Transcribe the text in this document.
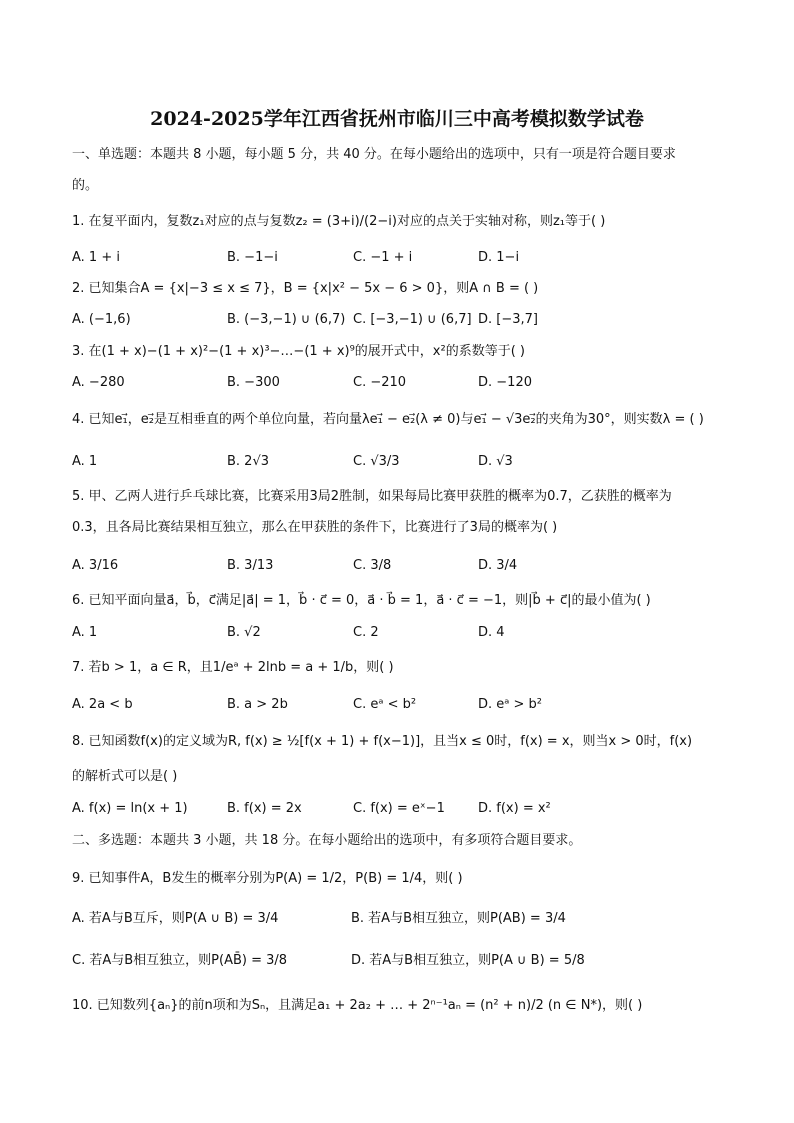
2024-2025学年江西省抚州市临川三中高考模拟数学试卷
一、单选题：本题共 8 小题，每小题 5 分，共 40 分。在每小题给出的选项中，只有一项是符合题目要求
的。
1. 在复平面内，复数z₁对应的点与复数z₂ = (3+i)/(2−i)对应的点关于实轴对称，则z₁等于( )
A. 1 + i	B. −1−i	C. −1 + i	D. 1−i
2. 已知集合A = {x|−3 ≤ x ≤ 7}，B = {x|x² − 5x − 6 > 0}，则A ∩ B = ( )
A. (−1,6)	B. (−3,−1) ∪ (6,7) C. [−3,−1) ∪ (6,7] D. [−3,7]
3. 在(1 + x)−(1 + x)²−(1 + x)³−…−(1 + x)⁹的展开式中，x²的系数等于( )
A. −280	B. −300	C. −210	D. −120
4. 已知e₁⃗，e₂⃗是互相垂直的两个单位向量，若向量λe₁⃗ − e₂⃗(λ ≠ 0)与e₁⃗ − √3e₂⃗的夹角为30°，则实数λ = ( )
A. 1	B. 2√3	C. √3/3	D. √3
5. 甲、乙两人进行乒乓球比赛，比赛采用3局2胜制，如果每局比赛甲获胜的概率为0.7，乙获胜的概率为
0.3，且各局比赛结果相互独立，那么在甲获胜的条件下，比赛进行了3局的概率为( )
A. 3/16	B. 3/13	C. 3/8	D. 3/4
6. 已知平面向量a⃗，b⃗，c⃗满足|a⃗| = 1，b⃗ · c⃗ = 0，a⃗ · b⃗ = 1，a⃗ · c⃗ = −1，则|b⃗ + c⃗|的最小值为( )
A. 1	B. √2	C. 2	D. 4
7. 若b > 1，a ∈ R，且1/eᵃ + 2lnb = a + 1/b，则( )
A. 2a < b	B. a > 2b	C. eᵃ < b²	D. eᵃ > b²
8. 已知函数f(x)的定义域为R, f(x) ≥ ½[f(x + 1) + f(x−1)]，且当x ≤ 0时，f(x) = x，则当x > 0时，f(x)
的解析式可以是( )
A. f(x) = ln(x + 1)	B. f(x) = 2x	C. f(x) = eˣ−1	D. f(x) = x²
二、多选题：本题共 3 小题，共 18 分。在每小题给出的选项中，有多项符合题目要求。
9. 已知事件A，B发生的概率分别为P(A) = 1/2，P(B) = 1/4，则( )
A. 若A与B互斥，则P(A ∪ B) = 3/4	B. 若A与B相互独立，则P(AB) = 3/4
C. 若A与B相互独立，则P(AB̄) = 3/8	D. 若A与B相互独立，则P(A ∪ B) = 5/8
10. 已知数列{aₙ}的前n项和为Sₙ，且满足a₁ + 2a₂ + … + 2ⁿ⁻¹aₙ = (n² + n)/2 (n ∈ N*)，则( )
